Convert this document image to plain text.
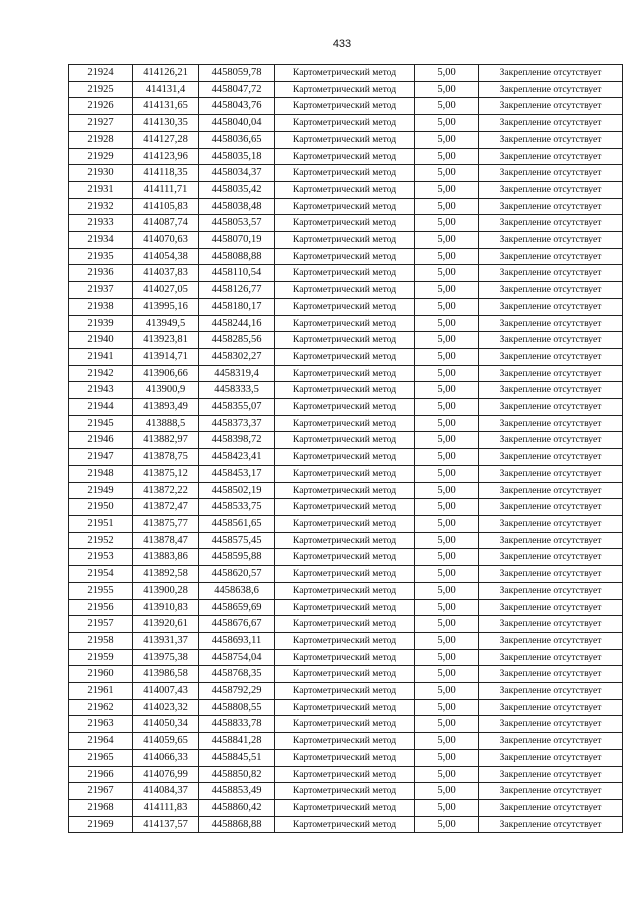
433
21924	414126,21	4458059,78	Картометрический метод	5,00	Закрепление отсутствует
21925	414131,4	4458047,72	Картометрический метод	5,00	Закрепление отсутствует
21926	414131,65	4458043,76	Картометрический метод	5,00	Закрепление отсутствует
21927	414130,35	4458040,04	Картометрический метод	5,00	Закрепление отсутствует
21928	414127,28	4458036,65	Картометрический метод	5,00	Закрепление отсутствует
21929	414123,96	4458035,18	Картометрический метод	5,00	Закрепление отсутствует
21930	414118,35	4458034,37	Картометрический метод	5,00	Закрепление отсутствует
21931	414111,71	4458035,42	Картометрический метод	5,00	Закрепление отсутствует
21932	414105,83	4458038,48	Картометрический метод	5,00	Закрепление отсутствует
21933	414087,74	4458053,57	Картометрический метод	5,00	Закрепление отсутствует
21934	414070,63	4458070,19	Картометрический метод	5,00	Закрепление отсутствует
21935	414054,38	4458088,88	Картометрический метод	5,00	Закрепление отсутствует
21936	414037,83	4458110,54	Картометрический метод	5,00	Закрепление отсутствует
21937	414027,05	4458126,77	Картометрический метод	5,00	Закрепление отсутствует
21938	413995,16	4458180,17	Картометрический метод	5,00	Закрепление отсутствует
21939	413949,5	4458244,16	Картометрический метод	5,00	Закрепление отсутствует
21940	413923,81	4458285,56	Картометрический метод	5,00	Закрепление отсутствует
21941	413914,71	4458302,27	Картометрический метод	5,00	Закрепление отсутствует
21942	413906,66	4458319,4	Картометрический метод	5,00	Закрепление отсутствует
21943	413900,9	4458333,5	Картометрический метод	5,00	Закрепление отсутствует
21944	413893,49	4458355,07	Картометрический метод	5,00	Закрепление отсутствует
21945	413888,5	4458373,37	Картометрический метод	5,00	Закрепление отсутствует
21946	413882,97	4458398,72	Картометрический метод	5,00	Закрепление отсутствует
21947	413878,75	4458423,41	Картометрический метод	5,00	Закрепление отсутствует
21948	413875,12	4458453,17	Картометрический метод	5,00	Закрепление отсутствует
21949	413872,22	4458502,19	Картометрический метод	5,00	Закрепление отсутствует
21950	413872,47	4458533,75	Картометрический метод	5,00	Закрепление отсутствует
21951	413875,77	4458561,65	Картометрический метод	5,00	Закрепление отсутствует
21952	413878,47	4458575,45	Картометрический метод	5,00	Закрепление отсутствует
21953	413883,86	4458595,88	Картометрический метод	5,00	Закрепление отсутствует
21954	413892,58	4458620,57	Картометрический метод	5,00	Закрепление отсутствует
21955	413900,28	4458638,6	Картометрический метод	5,00	Закрепление отсутствует
21956	413910,83	4458659,69	Картометрический метод	5,00	Закрепление отсутствует
21957	413920,61	4458676,67	Картометрический метод	5,00	Закрепление отсутствует
21958	413931,37	4458693,11	Картометрический метод	5,00	Закрепление отсутствует
21959	413975,38	4458754,04	Картометрический метод	5,00	Закрепление отсутствует
21960	413986,58	4458768,35	Картометрический метод	5,00	Закрепление отсутствует
21961	414007,43	4458792,29	Картометрический метод	5,00	Закрепление отсутствует
21962	414023,32	4458808,55	Картометрический метод	5,00	Закрепление отсутствует
21963	414050,34	4458833,78	Картометрический метод	5,00	Закрепление отсутствует
21964	414059,65	4458841,28	Картометрический метод	5,00	Закрепление отсутствует
21965	414066,33	4458845,51	Картометрический метод	5,00	Закрепление отсутствует
21966	414076,99	4458850,82	Картометрический метод	5,00	Закрепление отсутствует
21967	414084,37	4458853,49	Картометрический метод	5,00	Закрепление отсутствует
21968	414111,83	4458860,42	Картометрический метод	5,00	Закрепление отсутствует
21969	414137,57	4458868,88	Картометрический метод	5,00	Закрепление отсутствует
